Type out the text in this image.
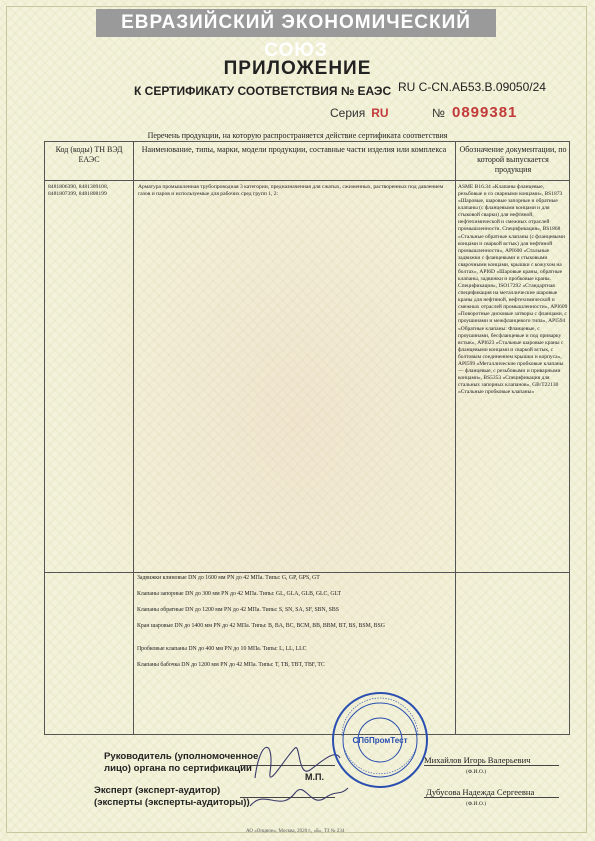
ЕВРАЗИЙСКИЙ ЭКОНОМИЧЕСКИЙ СОЮЗ
ПРИЛОЖЕНИЕ
К СЕРТИФИКАТУ СООТВЕТСТВИЯ № ЕАЭС RU C-CN.АБ53.В.09050/24
Серия RU	№ 0899381
Перечень продукции, на которую распространяется действие сертификата соответствия
Код (коды) ТН ВЭД ЕАЭС
Наименование, типы, марки, модели продукции, составные части изделия или комплекса Обозначение документации, по которой выпускается продукция
8481806390, 8481309108, 8481807399, 8481808199
Арматура промышленная трубопроводная 3 категории, предназначенная для сжатых, сжиженных, растворенных под давлением газов и паров и используемые для рабочих сред групп 1, 2:
ASME B16.34 «Клапаны фланцевые, резьбовые и со сварными концами», BS1873 «Шаровые, шаровые запорные и обратные клапаны (с фланцевыми концами и для стыковой сварки) для нефтяной, нефтехимической и смежных отраслей промышленности. Спецификация», BS1868 «Стальные обратные клапаны (с фланцевыми концами и сваркой встык) для нефтяной промышленности», API600 «Стальные задвижки с фланцевыми и стыковыми сварочными концами, крышки с кожухом на болтах», API6D «Шаровые краны, обратные клапаны, задвижки и пробковые краны. Спецификация», ISO17292 «Стандартная спецификация на металлические шаровые краны для нефтяной, нефтехимической и смежных отраслей промышленности», API609 «Поворотные дисковые затворы с фланцами, с проушинами и межфланцевого типа», API594 «Обратные клапаны: Фланцевые, с проушинами, бесфланцевые и под приварку встык», API623 «Стальные шаровые краны с фланцевыми концами и сваркой встык, с болтовым соединением крышки и корпуса», API599 «Металлические пробковые клапаны — фланцевые, с резьбовыми и приварными концами», BS5353 «Спецификация для стальных запорных клапанов», GB/T22130 «Стальные пробковые клапаны»
Задвижки клиновые DN до 1600 мм PN до 42 МПа. Типы: G, GP, GPS, GT
Клапаны запорные DN до 300 мм PN до 42 МПа. Типы: GL, GLA, GLB, GLC, GLT
Клапаны обратные DN до 1200 мм PN до 42 МПа. Типы: S, SN, SA, SF, SBN, SBS
Кран шаровые DN до 1400 мм PN до 42 МПа. Типы: B, BA, BC, BCM, BB, BBM, BT, BS, BSM, BSG
Пробковые клапаны DN до 400 мм PN до 10 МПа. Типы: L, LL, LLC
Клапаны бабочка DN до 1200 мм PN до 42 МПа. Типы: T, TB, TBT, TBF, TC
Руководитель (уполномоченное
лицо) органа по сертификации
Михайлов Игорь Валерьевич
(Ф.И.О.)
М.П.
Эксперт (эксперт-аудитор)
(эксперты (эксперты-аудиторы))
Дубусова Надежда Сергеевна
(Ф.И.О.)
СПбПромТест
АО «Опцион», Москва, 2020 г., «Б», ТЗ № 234
